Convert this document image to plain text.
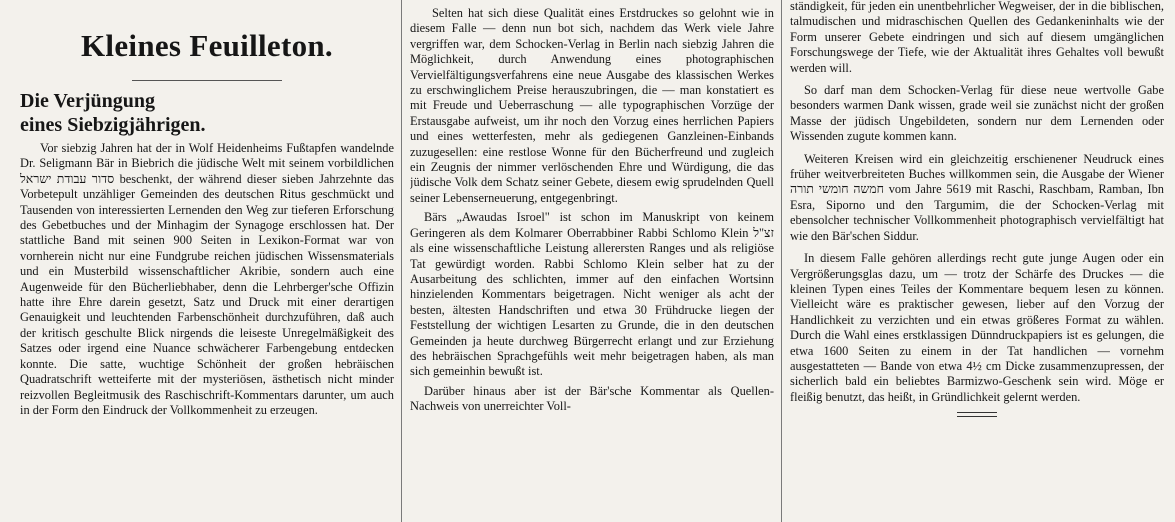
Kleines Feuilleton.
Die Verjüngung
eines Siebzigjährigen.

Vor siebzig Jahren hat der in Wolf Heidenheims Fußtapfen wandelnde Dr. Seligmann Bär in Biebrich die jüdische Welt mit seinem vorbildlichen סדור עבודת ישראל beschenkt, der während dieser sieben Jahrzehnte das Vorbetepult unzähliger Gemeinden des deutschen Ritus geschmückt und Tausenden von interessierten Lernenden den Weg zur tieferen Erforschung des Gebetbuches und der Minhagim der Synagoge erschlossen hat. Der stattliche Band mit seinen 900 Seiten in Lexikon-Format war von vornherein nicht nur eine Fundgrube reichen jüdischen Wissensmaterials und ein Musterbild wissenschaftlicher Akribie, sondern auch eine Augenweide für den Bücherliebhaber, denn die Lehrberger'sche Offizin hatte ihre Ehre darein gesetzt, Satz und Druck mit einer derartigen Genauigkeit und leuchtenden Farbenschönheit durchzuführen, daß auch der kritisch geschulte Blick nirgends die leiseste Unregelmäßigkeit des Satzes oder irgend eine Nuance schwächerer Farbengebung entdecken konnte. Die satte, wuchtige Schönheit der großen hebräischen Quadratschrift wetteiferte mit der mysteriösen, ästhetisch nicht minder reizvollen Begleitmusik des Raschischrift-Kommentars darunter, um auch in der Form den Eindruck der Vollkommenheit zu erzeugen.

Selten hat sich diese Qualität eines Erstdruckes so gelohnt wie in diesem Falle — denn nun bot sich, nachdem das Werk viele Jahre vergriffen war, dem Schocken-Verlag in Berlin nach siebzig Jahren die Möglichkeit, durch Anwendung eines photographischen Vervielfältigungsverfahrens eine neue Ausgabe des klassischen Werkes zu erschwinglichem Preise herauszubringen, die — man konstatiert es mit Freude und Ueberraschung — alle typographischen Vorzüge der Erstausgabe aufweist, um ihr noch den Vorzug eines herrlichen Papiers und eines wetterfesten, mehr als gediegenen Ganzleinen-Einbands zuzugesellen: eine restlose Wonne für den Bücherfreund und zugleich ein Zeugnis der nimmer verlöschenden Ehre und Würdigung, die das jüdische Volk dem Schatz seiner Gebete, diesem ewig sprudelnden Quell seiner Lebenserneuerung, entgegenbringt.

Bärs „Awaudas Isroel" ist schon im Manuskript von keinem Geringeren als dem Kolmarer Oberrabbiner Rabbi Schlomo Klein זצ"ל als eine wissenschaftliche Leistung allerersten Ranges und als religiöse Tat gewürdigt worden. Rabbi Schlomo Klein selber hat zu der Ausarbeitung des schlichten, immer auf den einfachen Wortsinn hinzielenden Kommentars beigetragen. Nicht weniger als acht der besten, ältesten Handschriften und etwa 30 Frühdrucke liegen der Feststellung der wichtigen Lesarten zu Grunde, die in den deutschen Gemeinden ja heute durchweg Bürgerrecht erlangt und zur Erziehung des hebräischen Sprachgefühls weit mehr beigetragen haben, als man sich gemeinhin bewußt ist.

Darüber hinaus aber ist der Bär'sche Kommentar als Quellen-Nachweis von unerreichter Voll-

ständigkeit, für jeden ein unentbehrlicher Wegweiser, der in die biblischen, talmudischen und midraschischen Quellen des Gedankeninhalts wie der Form unserer Gebete eindringen und sich auf diesem umgänglichen Forschungswege der Tiefe, wie der Aktualität ihres Gehaltes voll bewußt werden will.

So darf man dem Schocken-Verlag für diese neue wertvolle Gabe besonders warmen Dank wissen, grade weil sie zunächst nicht der großen Masse der jüdisch Ungebildeten, sondern nur dem Lernenden oder Wissenden zugute kommen kann.

Weiteren Kreisen wird ein gleichzeitig erschienener Neudruck eines früher weitverbreiteten Buches willkommen sein, die Ausgabe der Wiener חמשה חומשי תורה vom Jahre 5619 mit Raschi, Raschbam, Ramban, Ibn Esra, Siporno und den Targumim, die der Schocken-Verlag mit ebensolcher technischer Vollkommenheit photographisch vervielfältigt hat wie den Bär'schen Siddur.

In diesem Falle gehören allerdings recht gute junge Augen oder ein Vergrößerungsglas dazu, um — trotz der Schärfe des Druckes — die kleinen Typen eines Teiles der Kommentare bequem lesen zu können. Vielleicht wäre es praktischer gewesen, lieber auf den Vorzug der Handlichkeit zu verzichten und ein etwas größeres Format zu wählen. Durch die Wahl eines erstklassigen Dünndruckpapiers ist es gelungen, die etwa 1600 Seiten zu einem in der Tat handlichen — vornehm ausgestatteten — Bande von etwa 4½ cm Dicke zusammenzupressen, der sicherlich bald ein beliebtes Barmizwo-Geschenk sein wird. Möge er fleißig benutzt, das heißt, in Gründlichkeit gelernt werden.
